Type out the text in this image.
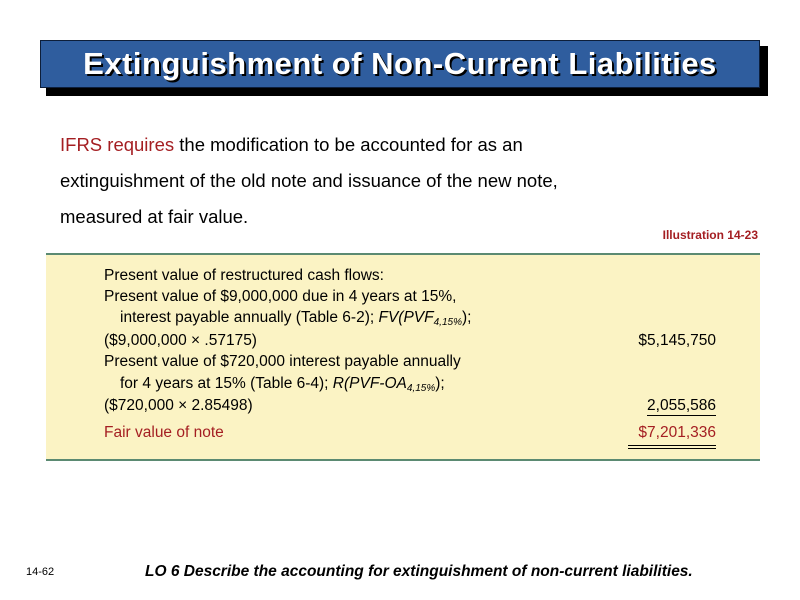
Extinguishment of Non-Current Liabilities
IFRS requires the modification to be accounted for as an
extinguishment of the old note and issuance of the new note,
measured at fair value.
Illustration 14-23
Present value of restructured cash flows:
Present value of $9,000,000 due in 4 years at 15%,
interest payable annually (Table 6-2); $FV(PVF_{4,15\%})$;
($9,000,000 × .57175)	$5,145,750
Present value of $720,000 interest payable annually
for 4 years at 15% (Table 6-4); $R(PVF-OA_{4,15\%})$;
($720,000 × 2.85498)	2,055,586
Fair value of note	$7,201,336
14-62	LO 6 Describe the accounting for extinguishment of non-current liabilities.
